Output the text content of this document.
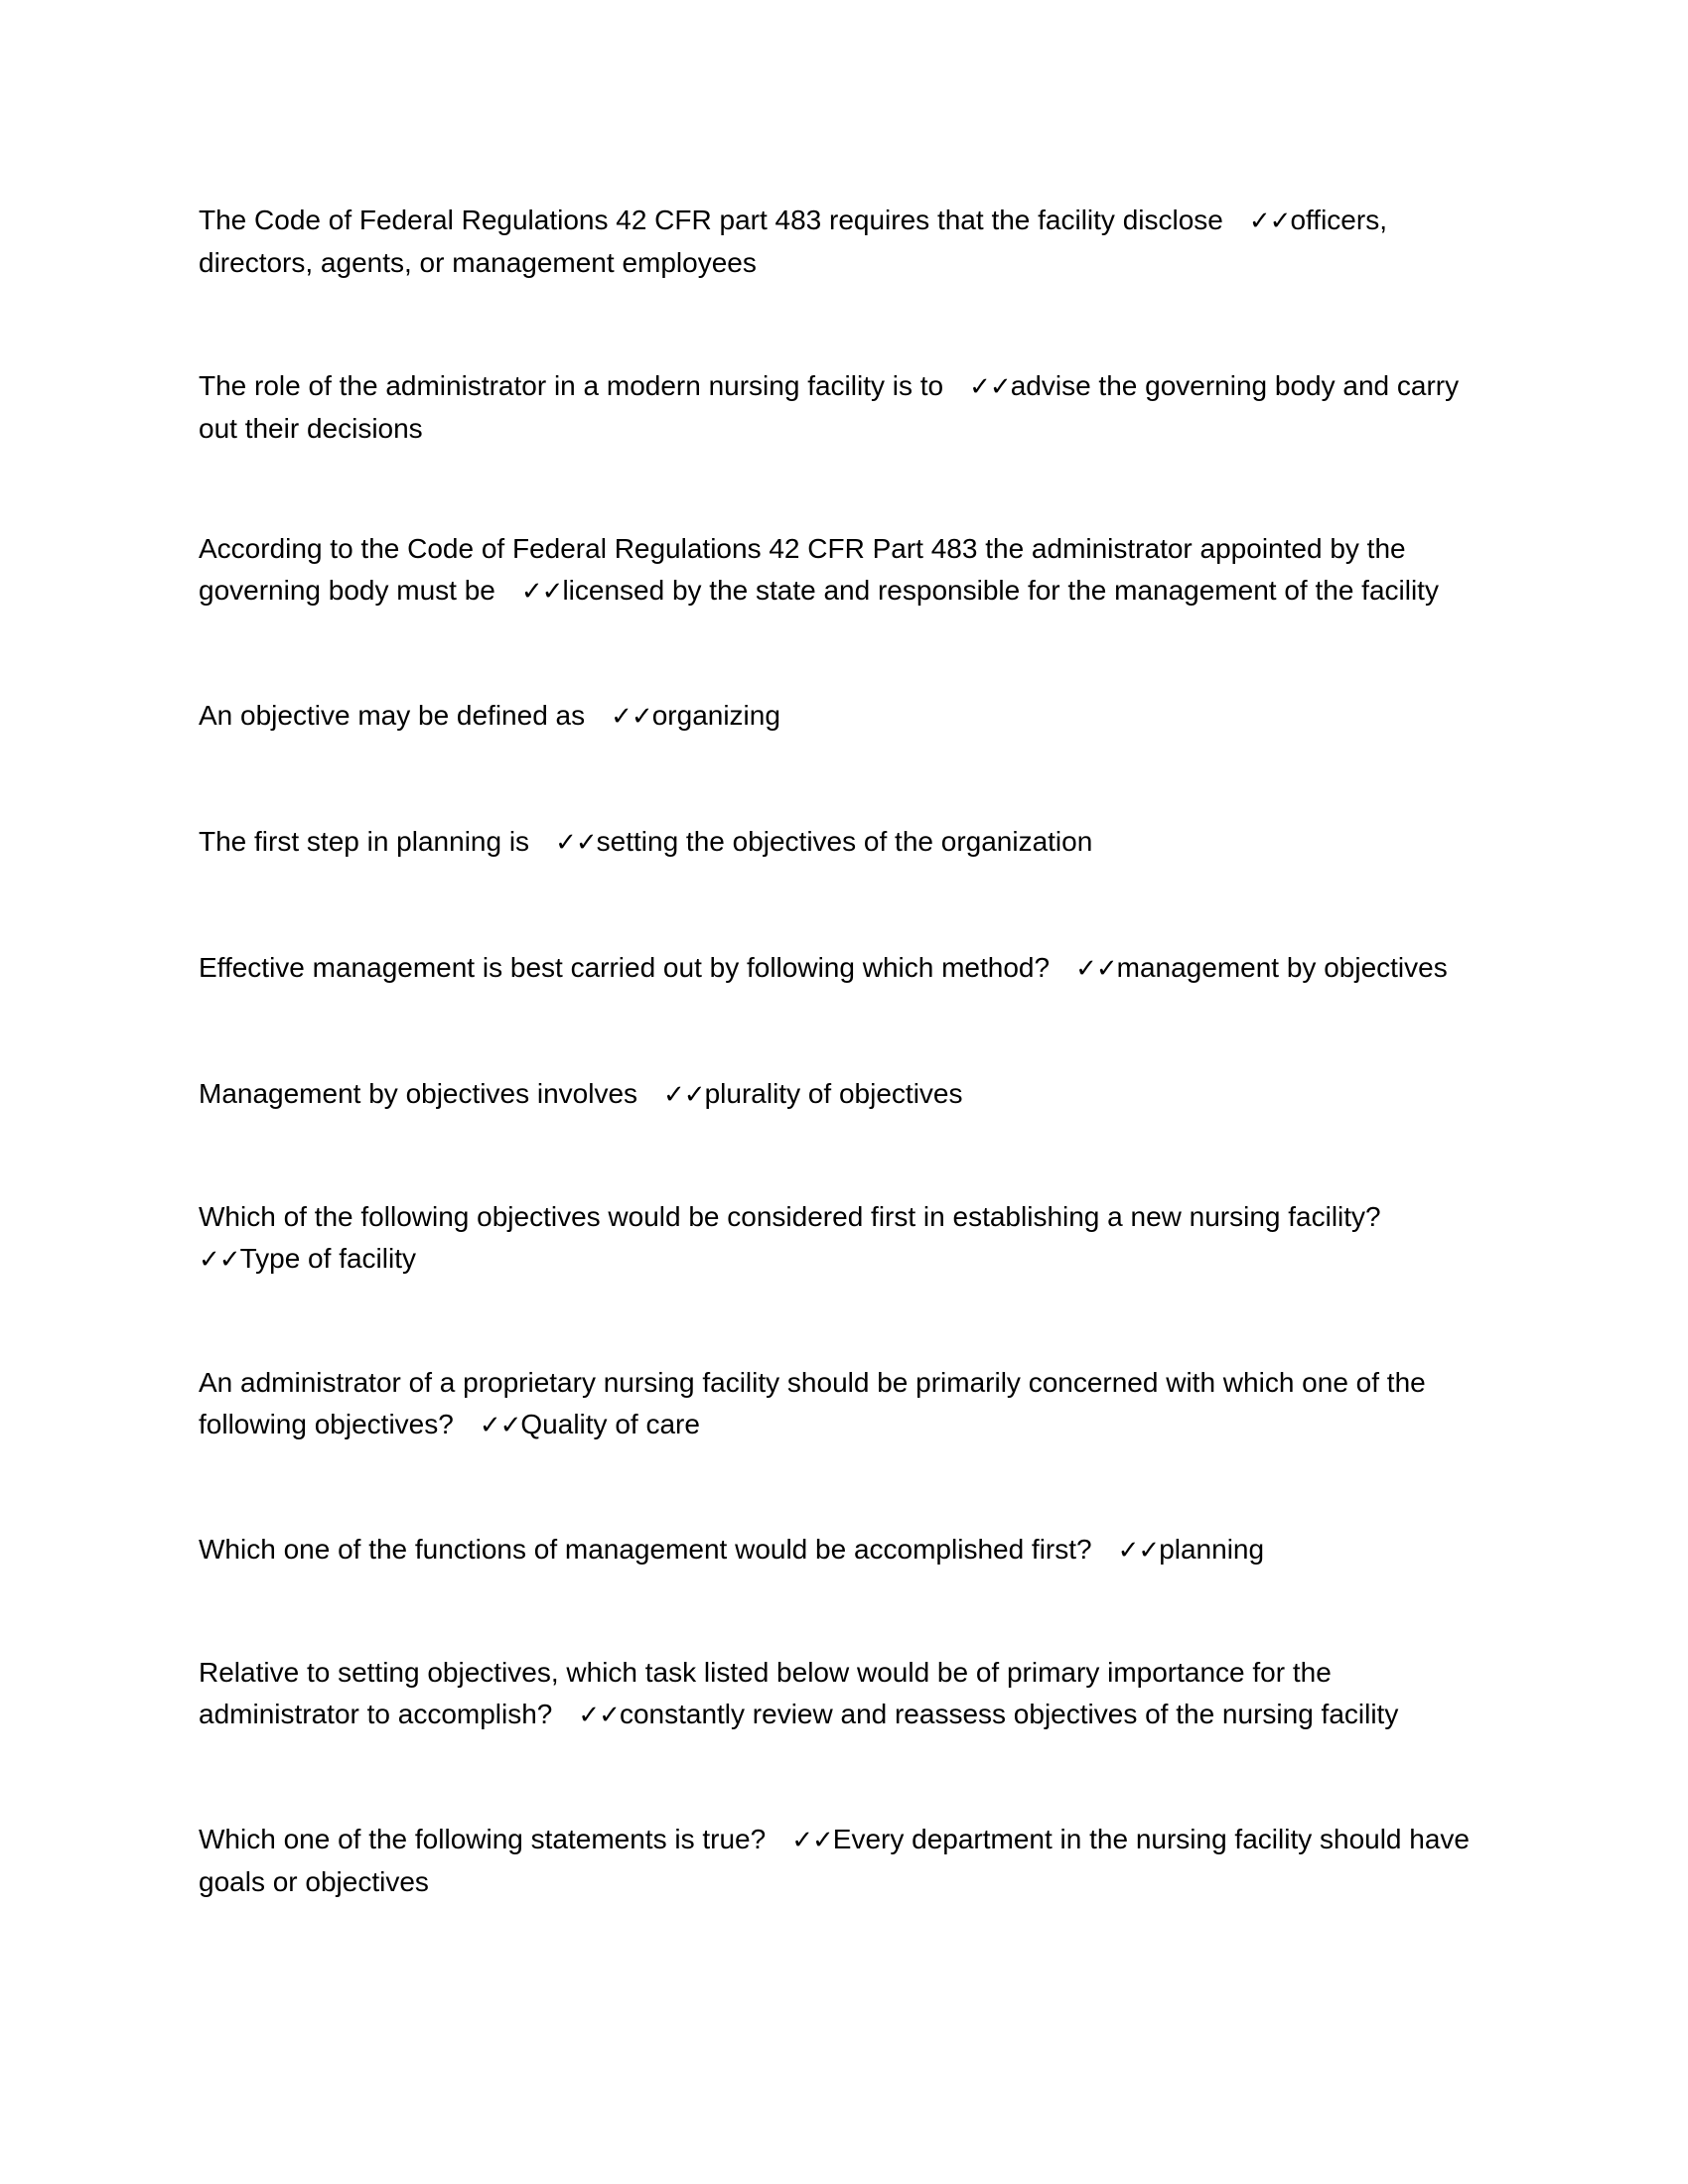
The Code of Federal Regulations 42 CFR part 483 requires that the facility disclose ✓✓officers, directors, agents, or management employees

The role of the administrator in a modern nursing facility is to ✓✓advise the governing body and carry out their decisions

According to the Code of Federal Regulations 42 CFR Part 483 the administrator appointed by the governing body must be ✓✓licensed by the state and responsible for the management of the facility

An objective may be defined as ✓✓organizing

The first step in planning is ✓✓setting the objectives of the organization

Effective management is best carried out by following which method? ✓✓management by objectives

Management by objectives involves ✓✓plurality of objectives

Which of the following objectives would be considered first in establishing a new nursing facility?
✓✓Type of facility

An administrator of a proprietary nursing facility should be primarily concerned with which one of the following objectives? ✓✓Quality of care

Which one of the functions of management would be accomplished first? ✓✓planning

Relative to setting objectives, which task listed below would be of primary importance for the administrator to accomplish? ✓✓constantly review and reassess objectives of the nursing facility

Which one of the following statements is true? ✓✓Every department in the nursing facility should have goals or objectives
